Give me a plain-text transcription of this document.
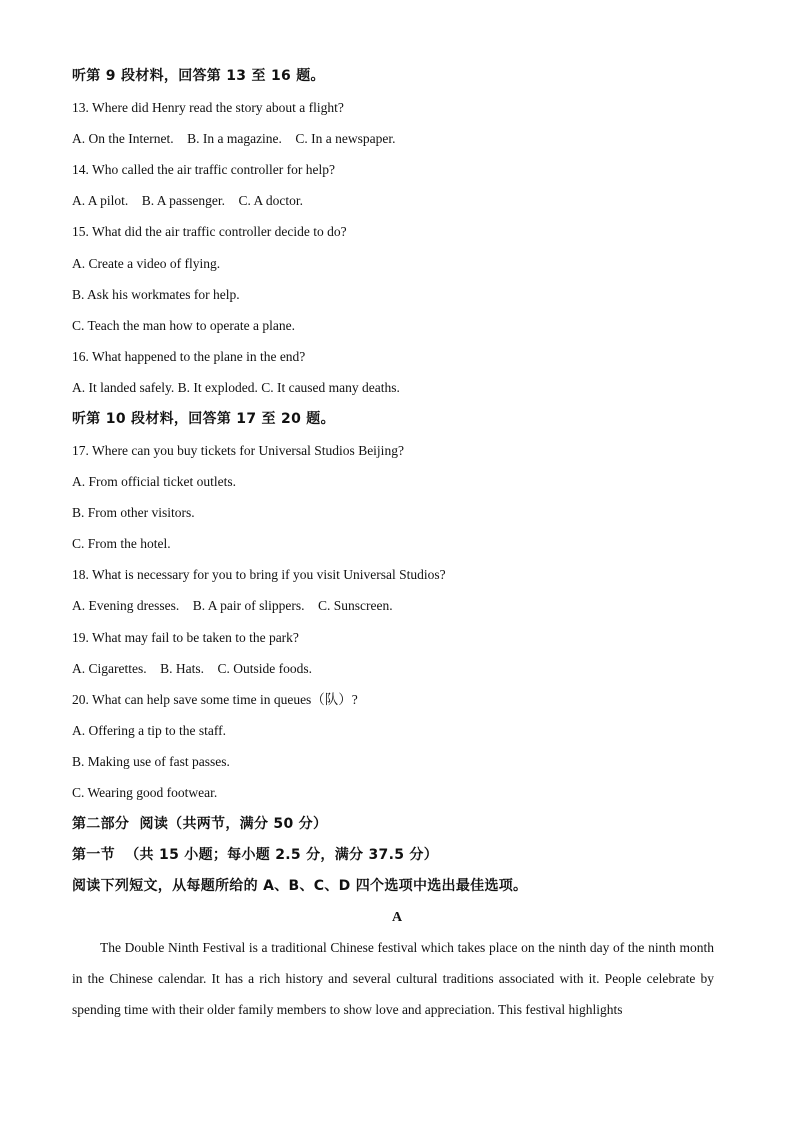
听第 9 段材料，回答第 13 至 16 题。
13. Where did Henry read the story about a flight?
A. On the Internet.    B. In a magazine.    C. In a newspaper.
14. Who called the air traffic controller for help?
A. A pilot.    B. A passenger.    C. A doctor.
15. What did the air traffic controller decide to do?
A. Create a video of flying.
B. Ask his workmates for help.
C. Teach the man how to operate a plane.
16. What happened to the plane in the end?
A. It landed safely. B. It exploded. C. It caused many deaths.
听第 10 段材料，回答第 17 至 20 题。
17. Where can you buy tickets for Universal Studios Beijing?
A. From official ticket outlets.
B. From other visitors.
C. From the hotel.
18. What is necessary for you to bring if you visit Universal Studios?
A. Evening dresses.    B. A pair of slippers.    C. Sunscreen.
19. What may fail to be taken to the park?
A. Cigarettes.    B. Hats.    C. Outside foods.
20. What can help save some time in queues（队）?
A. Offering a tip to the staff.
B. Making use of fast passes.
C. Wearing good footwear.
第二部分  阅读（共两节，满分 50 分）
第一节  （共 15 小题；每小题 2.5 分，满分 37.5 分）
阅读下列短文，从每题所给的 A、B、C、D 四个选项中选出最佳选项。
A
The Double Ninth Festival is a traditional Chinese festival which takes place on the ninth day of the ninth month in the Chinese calendar. It has a rich history and several cultural traditions associated with it. People celebrate by spending time with their older family members to show love and appreciation. This festival highlights
